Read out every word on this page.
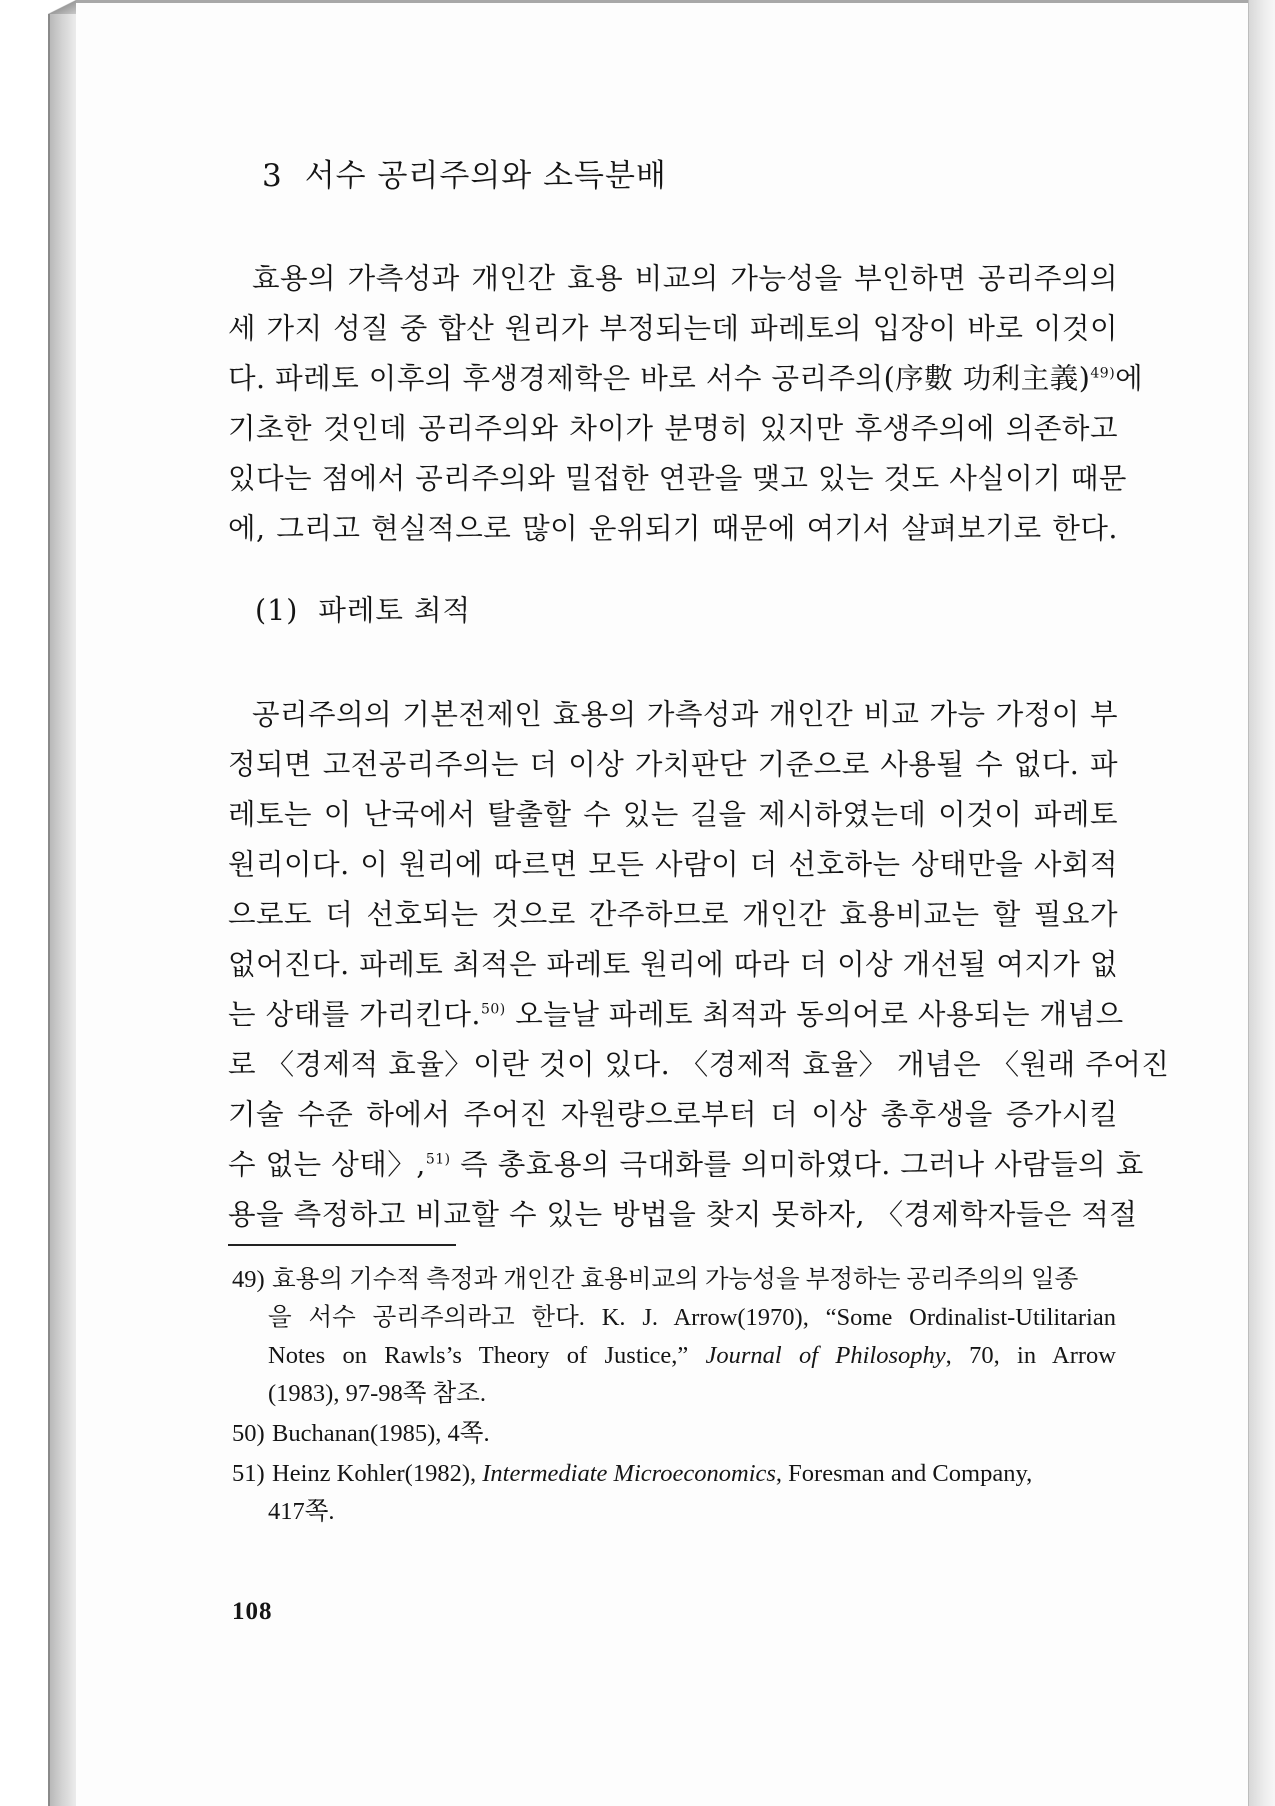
3 서수 공리주의와 소득분배
효용의 가측성과 개인간 효용 비교의 가능성을 부인하면 공리주의의
세 가지 성질 중 합산 원리가 부정되는데 파레토의 입장이 바로 이것이
다. 파레토 이후의 후생경제학은 바로 서수 공리주의(序數 功利主義)$^{49)}$에
기초한 것인데 공리주의와 차이가 분명히 있지만 후생주의에 의존하고
있다는 점에서 공리주의와 밀접한 연관을 맺고 있는 것도 사실이기 때문
에, 그리고 현실적으로 많이 운위되기 때문에 여기서 살펴보기로 한다.
(1) 파레토 최적
공리주의의 기본전제인 효용의 가측성과 개인간 비교 가능 가정이 부
정되면 고전공리주의는 더 이상 가치판단 기준으로 사용될 수 없다. 파
레토는 이 난국에서 탈출할 수 있는 길을 제시하였는데 이것이 파레토
원리이다. 이 원리에 따르면 모든 사람이 더 선호하는 상태만을 사회적
으로도 더 선호되는 것으로 간주하므로 개인간 효용비교는 할 필요가
없어진다. 파레토 최적은 파레토 원리에 따라 더 이상 개선될 여지가 없
는 상태를 가리킨다.$^{50)}$ 오늘날 파레토 최적과 동의어로 사용되는 개념으
로 〈경제적 효율〉이란 것이 있다. 〈경제적 효율〉 개념은 〈원래 주어진
기술 수준 하에서 주어진 자원량으로부터 더 이상 총후생을 증가시킬
수 없는 상태〉,$^{51)}$ 즉 총효용의 극대화를 의미하였다. 그러나 사람들의 효
용을 측정하고 비교할 수 있는 방법을 찾지 못하자, 〈경제학자들은 적절
49) 효용의 기수적 측정과 개인간 효용비교의 가능성을 부정하는 공리주의의 일종
을 서수 공리주의라고 한다. K. J. Arrow(1970), “Some Ordinalist-Utilitarian
Notes on Rawls’s Theory of Justice,” Journal of Philosophy, 70, in Arrow
(1983), 97-98쪽 참조.
50) Buchanan(1985), 4쪽.
51) Heinz Kohler(1982), Intermediate Microeconomics, Foresman and Company,
417쪽.
108
